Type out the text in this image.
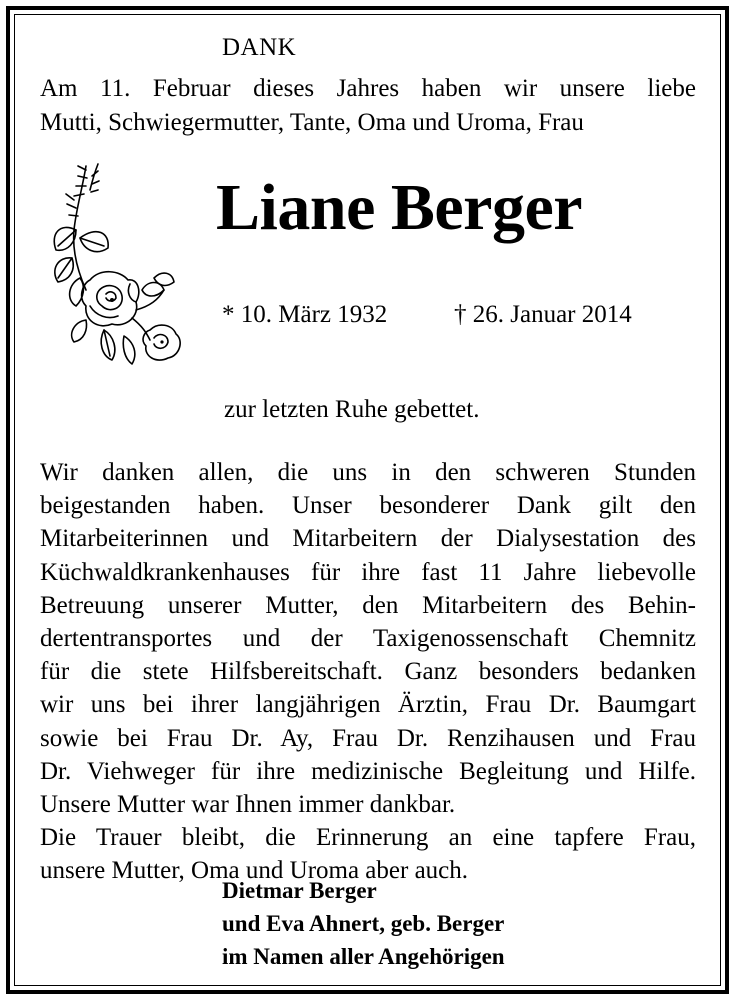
DANK
Am 11. Februar dieses Jahres haben wir unsere liebe
Mutti, Schwiegermutter, Tante, Oma und Uroma, Frau
Liane Berger
* 10. März 1932	† 26. Januar 2014
zur letzten Ruhe gebettet.
Wir danken allen, die uns in den schweren Stunden
beigestanden haben. Unser besonderer Dank gilt den
Mitarbeiterinnen und Mitarbeitern der Dialysestation des
Küchwaldkrankenhauses für ihre fast 11 Jahre liebevolle
Betreuung unserer Mutter, den Mitarbeitern des Behin-
dertentransportes und der Taxigenossenschaft Chemnitz
für die stete Hilfsbereitschaft. Ganz besonders bedanken
wir uns bei ihrer langjährigen Ärztin, Frau Dr. Baumgart
sowie bei Frau Dr. Ay, Frau Dr. Renzihausen und Frau
Dr. Viehweger für ihre medizinische Begleitung und Hilfe.
Unsere Mutter war Ihnen immer dankbar.
Die Trauer bleibt, die Erinnerung an eine tapfere Frau,
unsere Mutter, Oma und Uroma aber auch.
Dietmar Berger
und Eva Ahnert, geb. Berger
im Namen aller Angehörigen
